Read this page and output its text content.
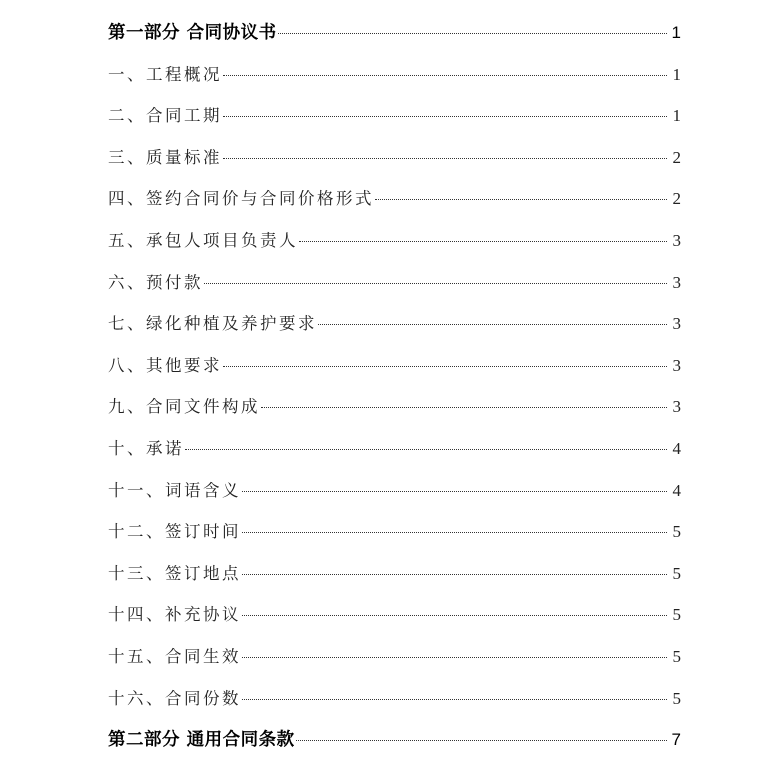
第一部分 合同协议书	1
一、工程概况	1
二、合同工期	1
三、质量标准	2
四、签约合同价与合同价格形式	2
五、承包人项目负责人	3
六、预付款	3
七、绿化种植及养护要求	3
八、其他要求	3
九、合同文件构成	3
十、承诺	4
十一、词语含义	4
十二、签订时间	5
十三、签订地点	5
十四、补充协议	5
十五、合同生效	5
十六、合同份数	5
第二部分 通用合同条款	7
